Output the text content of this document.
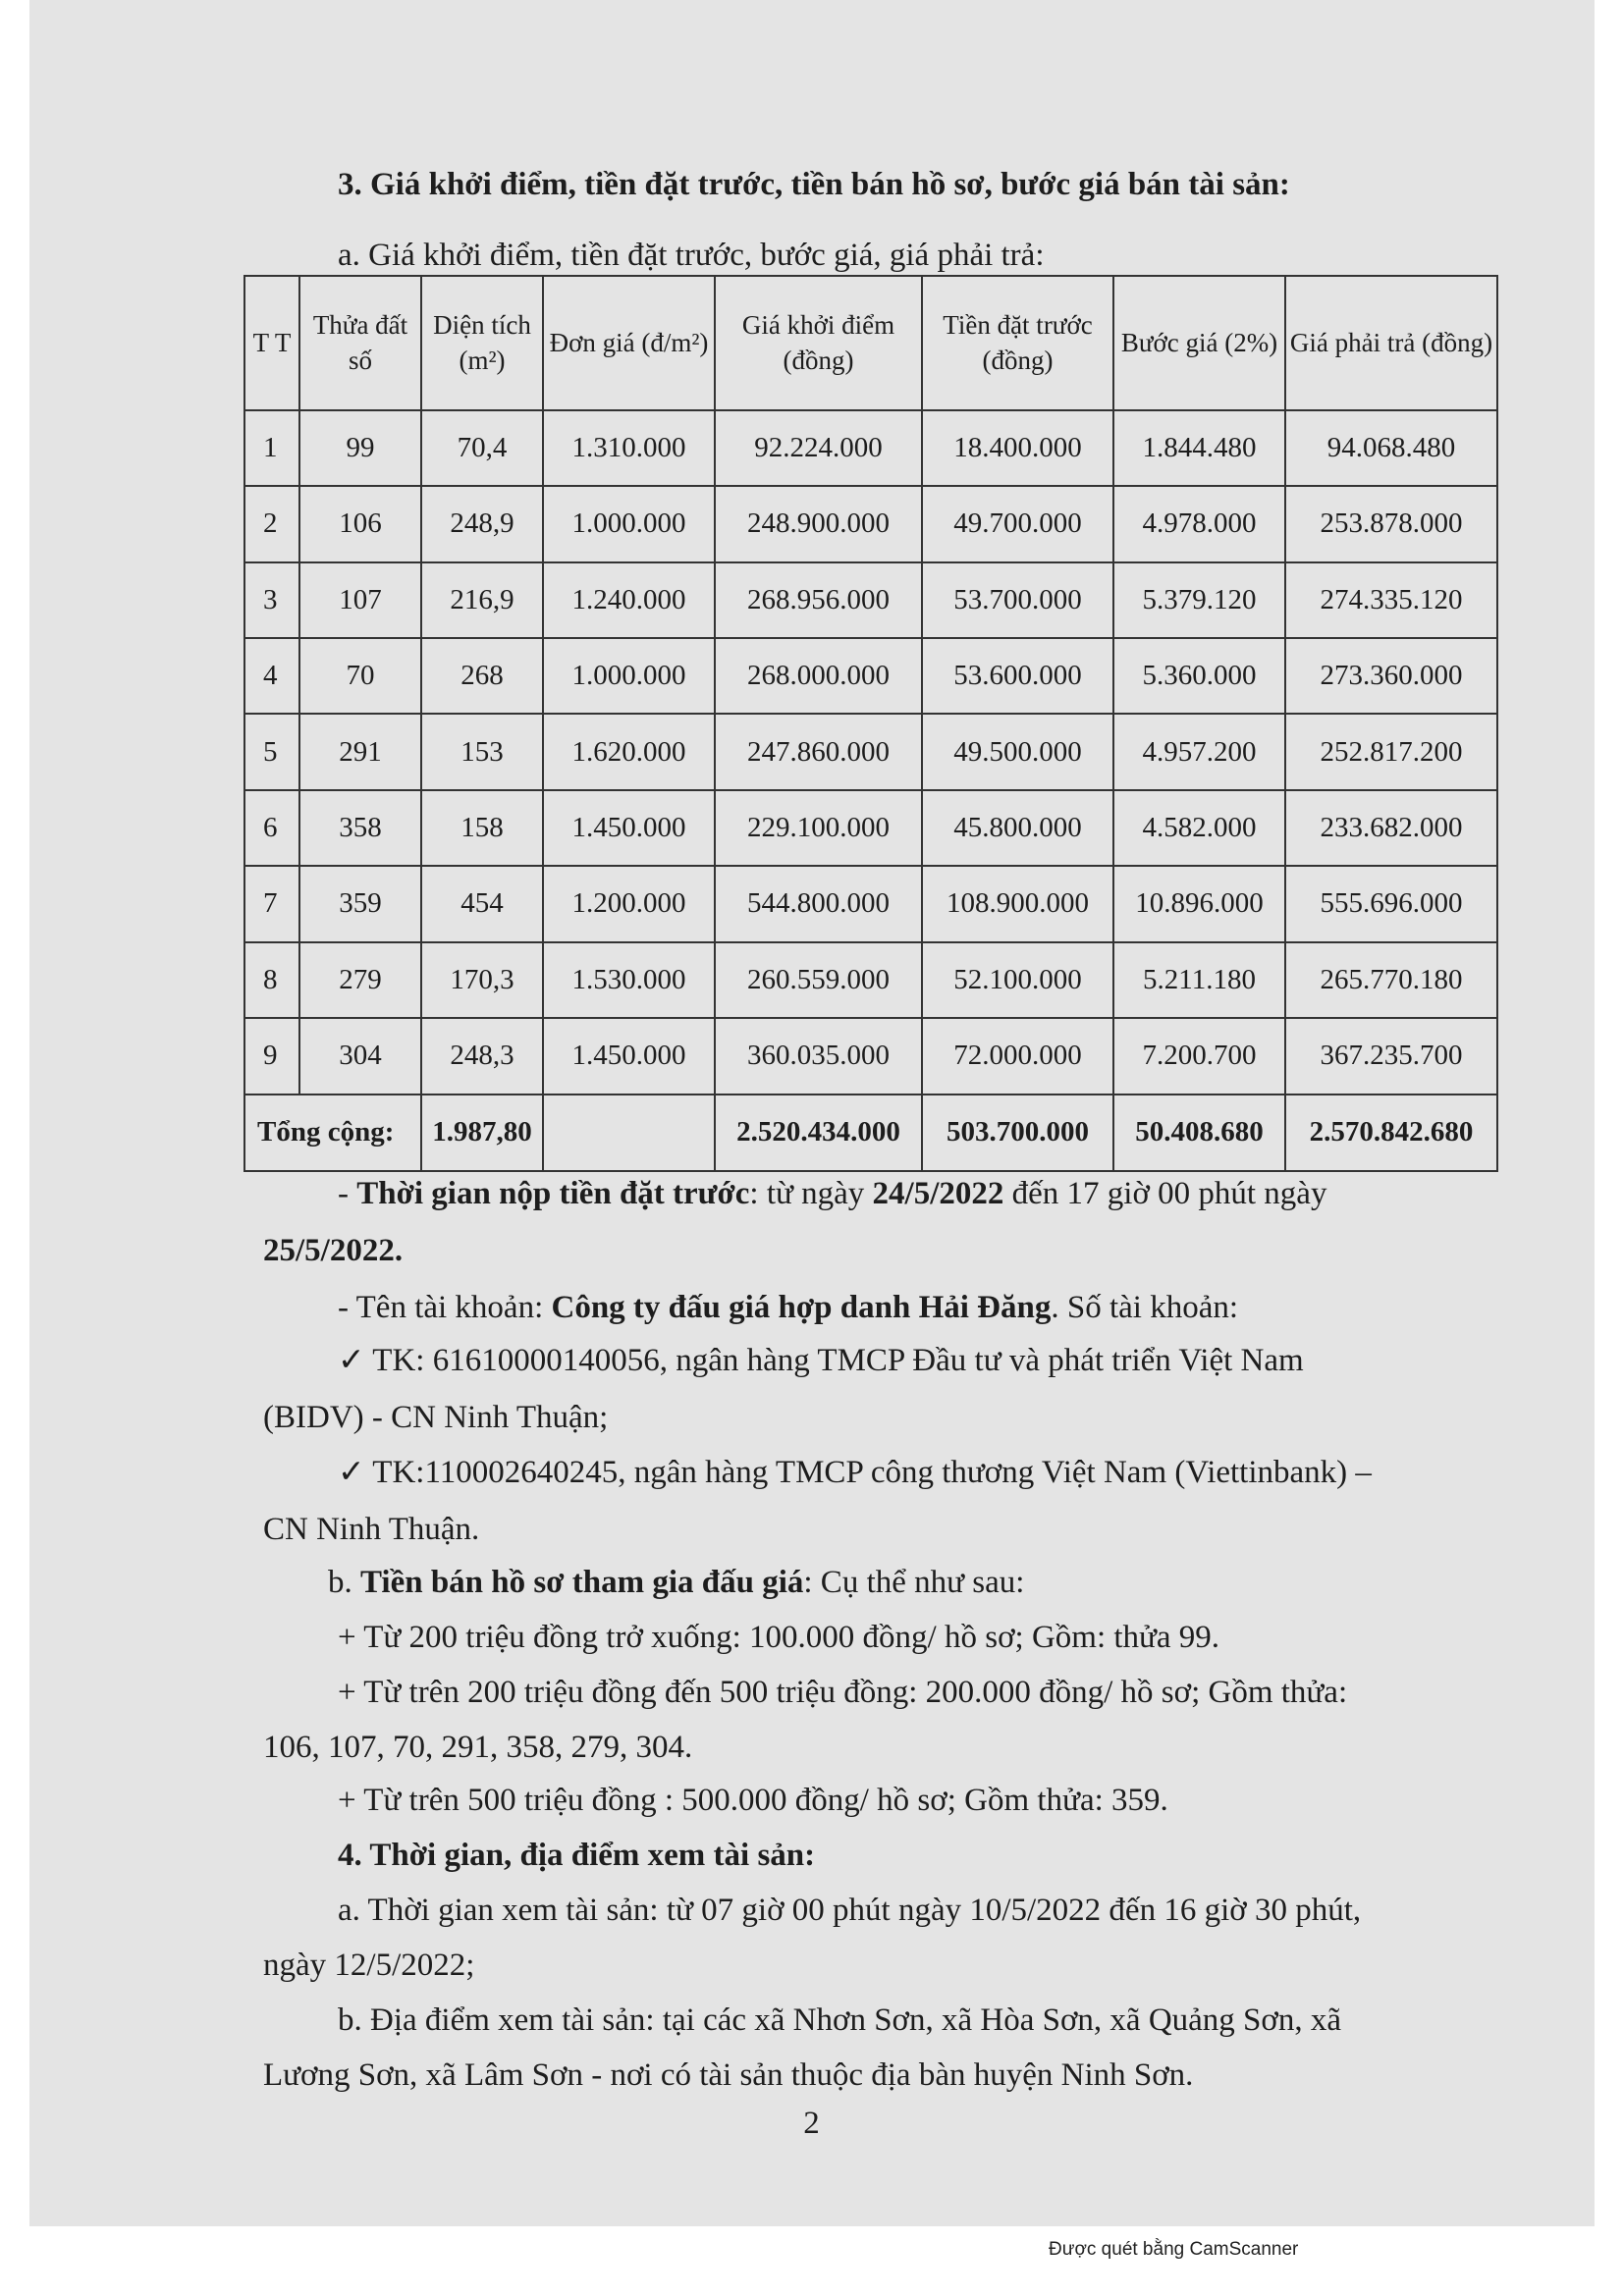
3. Giá khởi điểm, tiền đặt trước, tiền bán hồ sơ, bước giá bán tài sản:
a. Giá khởi điểm, tiền đặt trước, bước giá, giá phải trả:
T T	Thửa đất số	Diện tích (m²)	Đơn giá (đ/m²)	Giá khởi điểm (đồng)	Tiền đặt trước (đồng)	Bước giá (2%)	Giá phải trả (đồng)
1	99	70,4	1.310.000	92.224.000	18.400.000	1.844.480	94.068.480
2	106	248,9	1.000.000	248.900.000	49.700.000	4.978.000	253.878.000
3	107	216,9	1.240.000	268.956.000	53.700.000	5.379.120	274.335.120
4	70	268	1.000.000	268.000.000	53.600.000	5.360.000	273.360.000
5	291	153	1.620.000	247.860.000	49.500.000	4.957.200	252.817.200
6	358	158	1.450.000	229.100.000	45.800.000	4.582.000	233.682.000
7	359	454	1.200.000	544.800.000	108.900.000	10.896.000	555.696.000
8	279	170,3	1.530.000	260.559.000	52.100.000	5.211.180	265.770.180
9	304	248,3	1.450.000	360.035.000	72.000.000	7.200.700	367.235.700
Tổng cộng:		1.987,80		2.520.434.000	503.700.000	50.408.680	2.570.842.680
- Thời gian nộp tiền đặt trước: từ ngày 24/5/2022 đến 17 giờ 00 phút ngày
25/5/2022.
- Tên tài khoản: Công ty đấu giá hợp danh Hải Đăng. Số tài khoản:
✓ TK: 61610000140056, ngân hàng TMCP Đầu tư và phát triển Việt Nam
(BIDV) - CN Ninh Thuận;
✓ TK:110002640245, ngân hàng TMCP công thương Việt Nam (Viettinbank) –
CN Ninh Thuận.
b. Tiền bán hồ sơ tham gia đấu giá: Cụ thể như sau:
+ Từ 200 triệu đồng trở xuống: 100.000 đồng/ hồ sơ; Gồm: thửa 99.
+ Từ trên 200 triệu đồng đến 500 triệu đồng: 200.000 đồng/ hồ sơ; Gồm thửa:
106, 107, 70, 291, 358, 279, 304.
+ Từ trên 500 triệu đồng : 500.000 đồng/ hồ sơ; Gồm thửa: 359.
4. Thời gian, địa điểm xem tài sản:
a. Thời gian xem tài sản: từ 07 giờ 00 phút ngày 10/5/2022 đến 16 giờ 30 phút,
ngày 12/5/2022;
b. Địa điểm xem tài sản: tại các xã Nhơn Sơn, xã Hòa Sơn, xã Quảng Sơn, xã
Lương Sơn, xã Lâm Sơn - nơi có tài sản thuộc địa bàn huyện Ninh Sơn.
2
Được quét bằng CamScanner
